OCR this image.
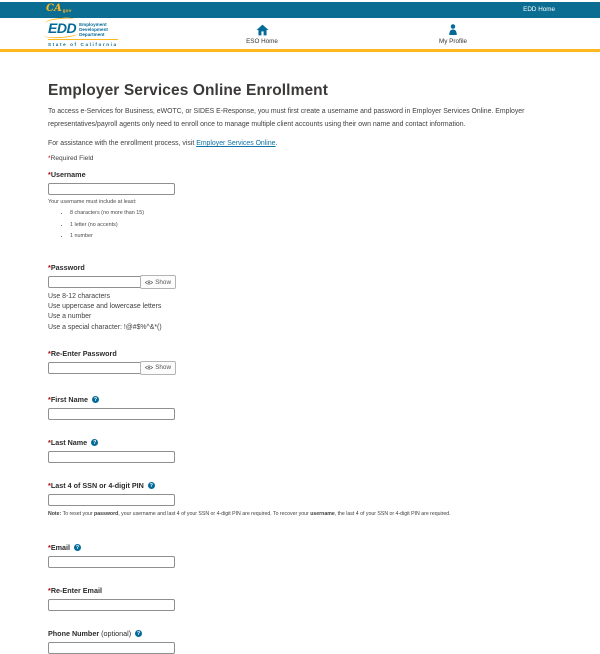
CA gov	EDD Home
EDD Employment
Development
Department
State of California	ESO Home	My Profile
Employer Services Online Enrollment

To access e-Services for Business, eWOTC, or SIDES E-Response, you must first create a username and password in Employer Services Online. Employer representatives/payroll agents only need to enroll once to manage multiple client accounts using their own name and contact information.

For assistance with the enrollment process, visit Employer Services Online.

*Required Field

*Username
Your username must include at least:
• 8 characters (no more than 15)
• 1 letter (no accents)
• 1 number
*Password
Show
Use 8-12 characters
Use uppercase and lowercase letters
Use a number
Use a special character: !@#$%^&*()
*Re-Enter Password
Show
*First Name ?
*Last Name ?
*Last 4 of SSN or 4-digit PIN ?

Note: To reset your password, your username and last 4 of your SSN or 4-digit PIN are required. To recover your username, the last 4 of your SSN or 4-digit PIN are required.

*Email ?
*Re-Enter Email
Phone Number (optional) ?
